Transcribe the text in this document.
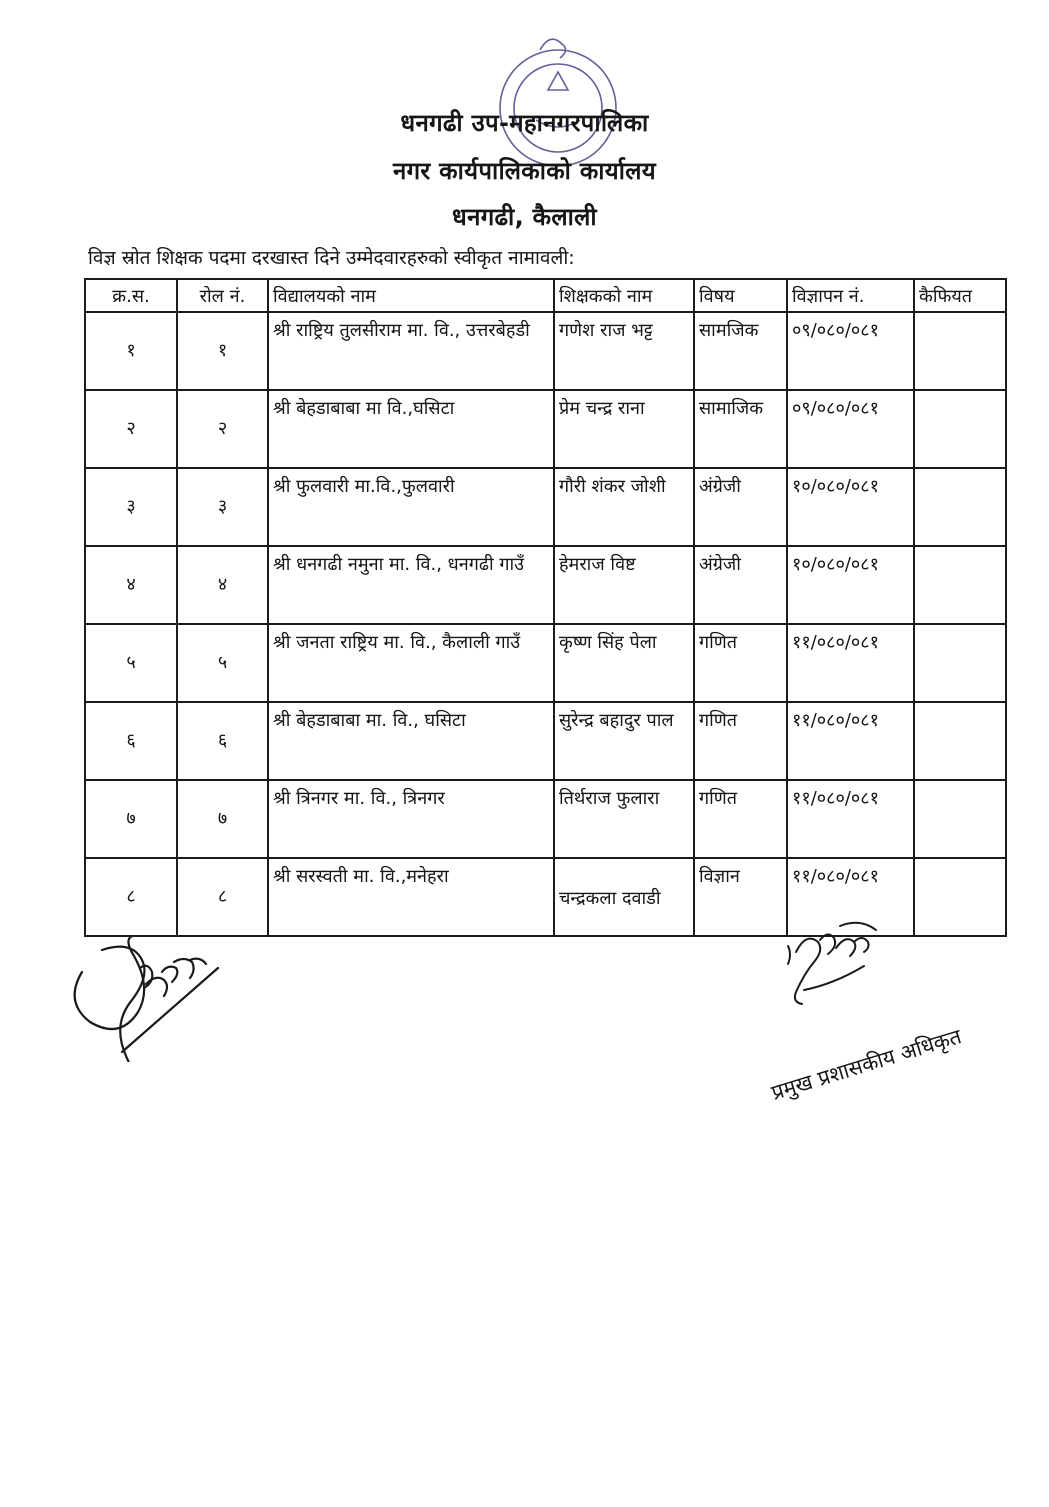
धनगढी उप-महानगरपालिका
नगर कार्यपालिकाको कार्यालय
धनगढी, कैलाली
विज्ञ स्रोत शिक्षक पदमा दरखास्त दिने उम्मेदवारहरुको स्वीकृत नामावली:
क्र.स.	रोल नं.	विद्यालयको नाम	शिक्षकको नाम	विषय	विज्ञापन नं.	कैफियत
१	१	श्री राष्ट्रिय तुलसीराम मा. वि., उत्तरबेहडी	गणेश राज भट्ट	सामजिक	०९/०८०/०८१	
२	२	श्री बेहडाबाबा मा वि.,घसिटा	प्रेम चन्द्र राना	सामाजिक	०९/०८०/०८१	
३	३	श्री फुलवारी मा.वि.,फुलवारी	गौरी शंकर जोशी	अंग्रेजी	१०/०८०/०८१	
४	४	श्री धनगढी नमुना मा. वि., धनगढी गाउँ	हेमराज विष्ट	अंग्रेजी	१०/०८०/०८१	
५	५	श्री जनता राष्ट्रिय मा. वि., कैलाली गाउँ	कृष्ण सिंह पेला	गणित	११/०८०/०८१	
६	६	श्री बेहडाबाबा मा. वि., घसिटा	सुरेन्द्र बहादुर पाल	गणित	११/०८०/०८१	
७	७	श्री त्रिनगर मा. वि., त्रिनगर	तिर्थराज फुलारा	गणित	११/०८०/०८१	
८	८	श्री सरस्वती मा. वि.,मनेहरा	चन्द्रकला दवाडी	विज्ञान	११/०८०/०८१	
प्रमुख प्रशासकीय अधिकृत
